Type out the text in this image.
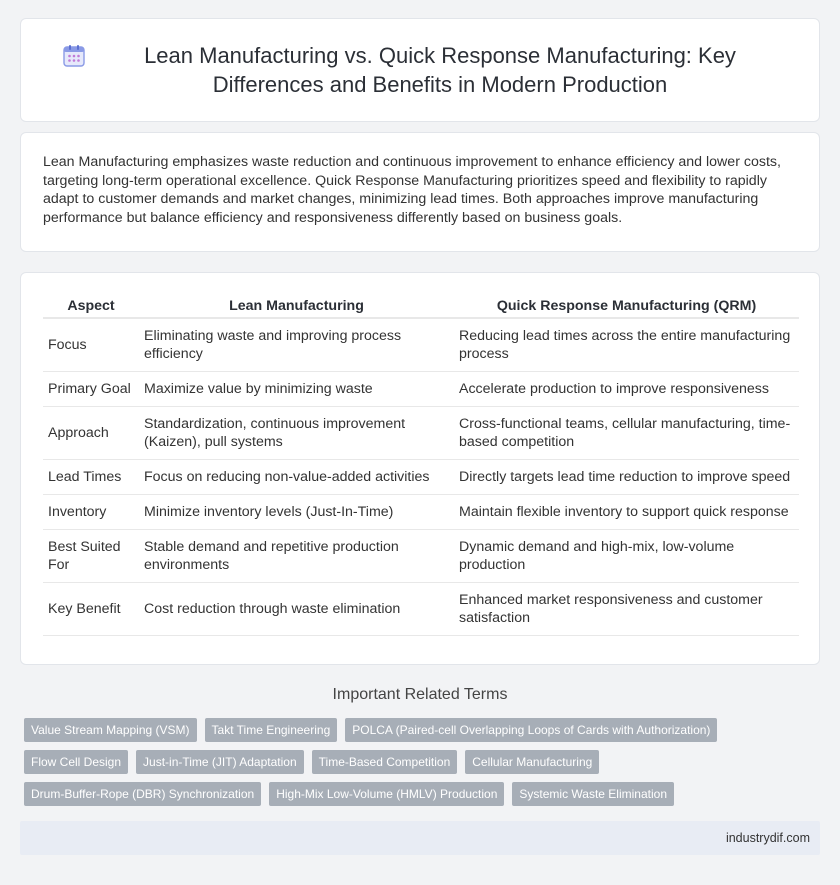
Lean Manufacturing vs. Quick Response Manufacturing: Key Differences and Benefits in Modern Production

Lean Manufacturing emphasizes waste reduction and continuous improvement to enhance efficiency and lower costs, targeting long-term operational excellence. Quick Response Manufacturing prioritizes speed and flexibility to rapidly adapt to customer demands and market changes, minimizing lead times. Both approaches improve manufacturing performance but balance efficiency and responsiveness differently based on business goals.

Aspect	Lean Manufacturing	Quick Response Manufacturing (QRM)
Focus	Eliminating waste and improving process efficiency	Reducing lead times across the entire manufacturing process
Primary Goal	Maximize value by minimizing waste	Accelerate production to improve responsiveness
Approach	Standardization, continuous improvement (Kaizen), pull systems	Cross-functional teams, cellular manufacturing, time-based competition
Lead Times	Focus on reducing non-value-added activities	Directly targets lead time reduction to improve speed
Inventory	Minimize inventory levels (Just-In-Time)	Maintain flexible inventory to support quick response
Best Suited For	Stable demand and repetitive production environments	Dynamic demand and high-mix, low-volume production
Key Benefit	Cost reduction through waste elimination	Enhanced market responsiveness and customer satisfaction
Important Related Terms
Value Stream Mapping (VSM)	Takt Time Engineering	POLCA (Paired-cell Overlapping Loops of Cards with Authorization)
Flow Cell Design	Just-in-Time (JIT) Adaptation	Time-Based Competition	Cellular Manufacturing
Drum-Buffer-Rope (DBR) Synchronization	High-Mix Low-Volume (HMLV) Production	Systemic Waste Elimination
industrydif.com
